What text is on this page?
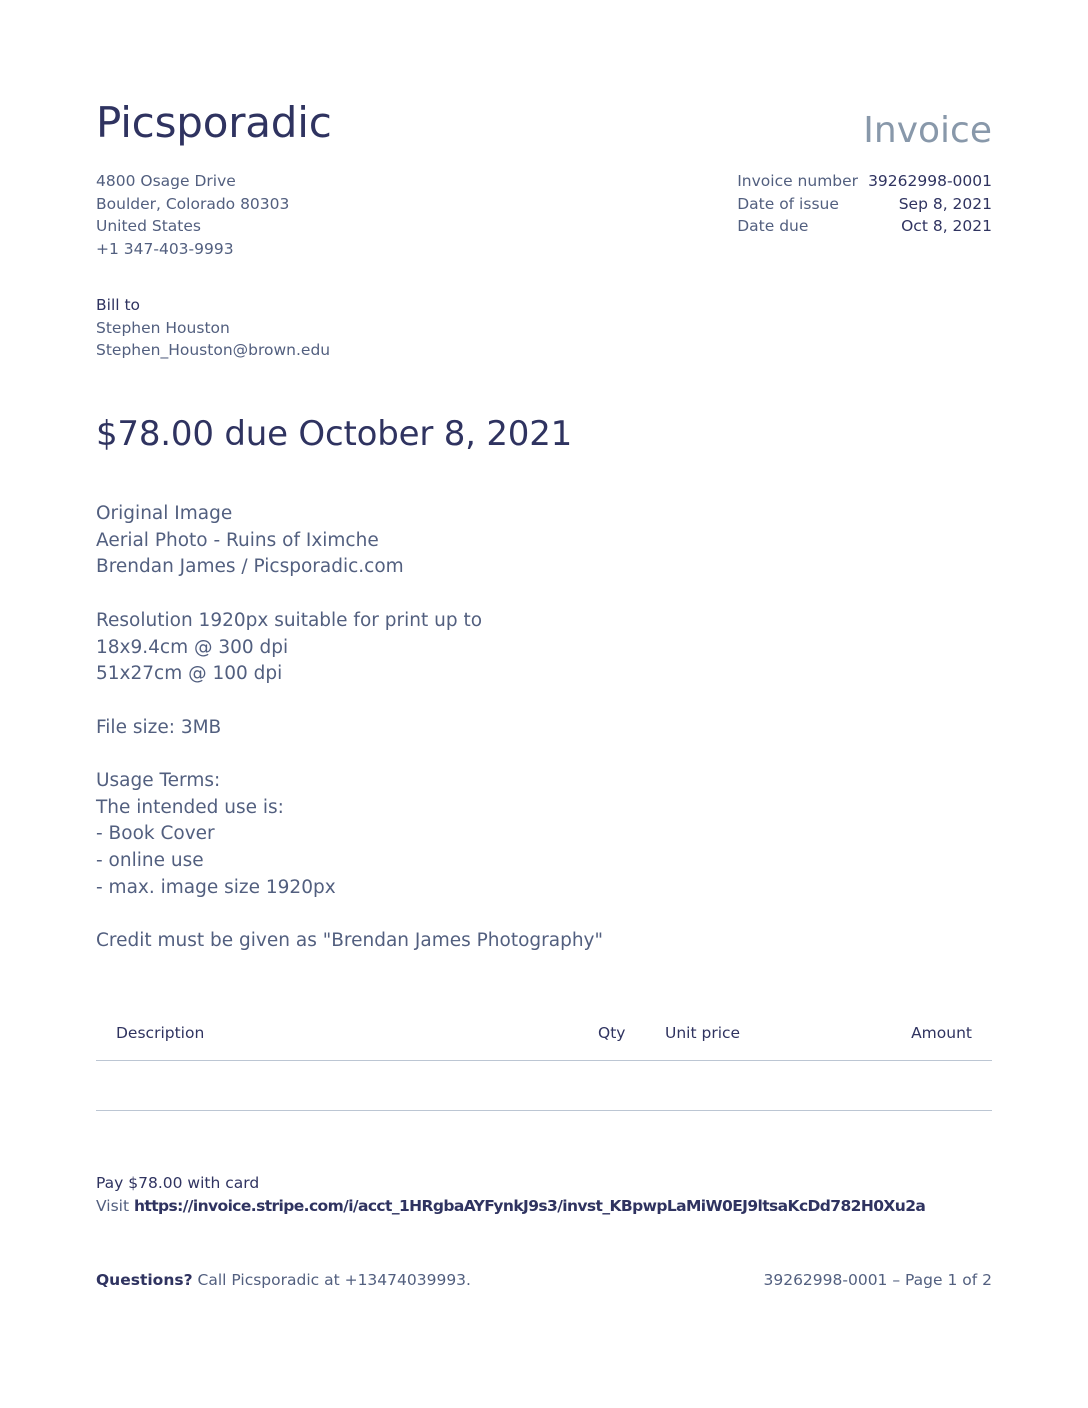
Picsporadic	Invoice
4800 Osage Drive
Boulder, Colorado 80303
United States
+1 347-403-9993
Invoice number 39262998-0001
Date of issue	Sep 8, 2021
Date due	Oct 8, 2021
Bill to
Stephen Houston
Stephen_Houston@brown.edu
$78.00 due October 8, 2021
Original Image
Aerial Photo - Ruins of Iximche
Brendan James / Picsporadic.com

Resolution 1920px suitable for print up to
18x9.4cm @ 300 dpi
51x27cm @ 100 dpi

File size: 3MB

Usage Terms:
The intended use is:
- Book Cover
- online use
- max. image size 1920px

Credit must be given as "Brendan James Photography"
Description	Qty	Unit price	Amount
Pay $78.00 with card
Visit https://invoice.stripe.com/i/acct_1HRgbaAYFynkJ9s3/invst_KBpwpLaMiW0EJ9ltsaKcDd782H0Xu2a
Questions? Call Picsporadic at +13474039993.	39262998-0001 – Page 1 of 2
